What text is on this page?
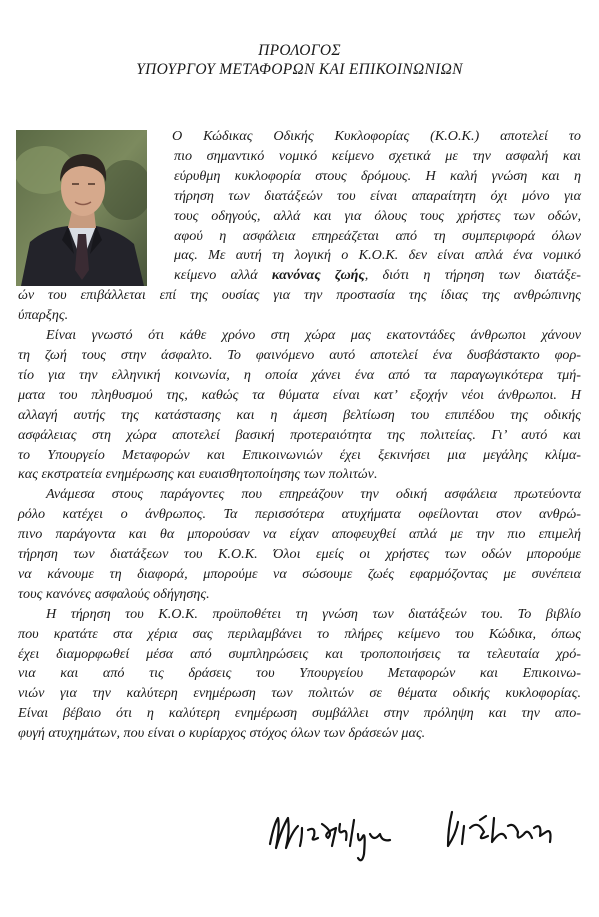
ΠΡΟΛΟΓΟΣ
ΥΠΟΥΡΓΟΥ ΜΕΤΑΦΟΡΩΝ ΚΑΙ ΕΠΙΚΟΙΝΩΝΙΩΝ

Ο Κώδικας Οδικής Κυκλοφορίας (Κ.Ο.Κ.) αποτελεί το
πιο σημαντικό νομικό κείμενο σχετικά με την ασφαλή και
εύρυθμη κυκλοφορία στους δρόμους. Η καλή γνώση και η
τήρηση των διατάξεών του είναι απαραίτητη όχι μόνο για
τους οδηγούς, αλλά και για όλους τους χρήστες των οδών,
αφού η ασφάλεια επηρεάζεται από τη συμπεριφορά όλων
μας. Με αυτή τη λογική ο Κ.Ο.Κ. δεν είναι απλά ένα νομικό
κείμενο αλλά κανόνας ζωής, διότι η τήρηση των διατάξε-
ών του επιβάλλεται επί της ουσίας για την προστασία της ίδιας της ανθρώπινης
ύπαρξης.

Είναι γνωστό ότι κάθε χρόνο στη χώρα μας εκατοντάδες άνθρωποι χάνουν
τη ζωή τους στην άσφαλτο. Το φαινόμενο αυτό αποτελεί ένα δυσβάστακτο φορ-
τίο για την ελληνική κοινωνία, η οποία χάνει ένα από τα παραγωγικότερα τμή-
ματα του πληθυσμού της, καθώς τα θύματα είναι κατ’ εξοχήν νέοι άνθρωποι. Η
αλλαγή αυτής της κατάστασης και η άμεση βελτίωση του επιπέδου της οδικής
ασφάλειας στη χώρα αποτελεί βασική προτεραιότητα της πολιτείας. Γι’ αυτό και
το Υπουργείο Μεταφορών και Επικοινωνιών έχει ξεκινήσει μια μεγάλης κλίμα-
κας εκστρατεία ενημέρωσης και ευαισθητοποίησης των πολιτών.

Ανάμεσα στους παράγοντες που επηρεάζουν την οδική ασφάλεια πρωτεύοντα
ρόλο κατέχει ο άνθρωπος. Τα περισσότερα ατυχήματα οφείλονται στον ανθρώ-
πινο παράγοντα και θα μπορούσαν να είχαν αποφευχθεί απλά με την πιο επιμελή
τήρηση των διατάξεων του Κ.Ο.Κ. Όλοι εμείς οι χρήστες των οδών μπορούμε
να κάνουμε τη διαφορά, μπορούμε να σώσουμε ζωές εφαρμόζοντας με συνέπεια
τους κανόνες ασφαλούς οδήγησης.

Η τήρηση του Κ.Ο.Κ. προϋποθέτει τη γνώση των διατάξεών του. Το βιβλίο
που κρατάτε στα χέρια σας περιλαμβάνει το πλήρες κείμενο του Κώδικα, όπως
έχει διαμορφωθεί μέσα από συμπληρώσεις και τροποποιήσεις τα τελευταία χρό-
νια και από τις δράσεις του Υπουργείου Μεταφορών και Επικοινω-
νιών για την καλύτερη ενημέρωση των πολιτών σε θέματα οδικής κυκλοφορίας.
Είναι βέβαιο ότι η καλύτερη ενημέρωση συμβάλλει στην πρόληψη και την απο-
φυγή ατυχημάτων, που είναι ο κυρίαρχος στόχος όλων των δράσεών μας.
